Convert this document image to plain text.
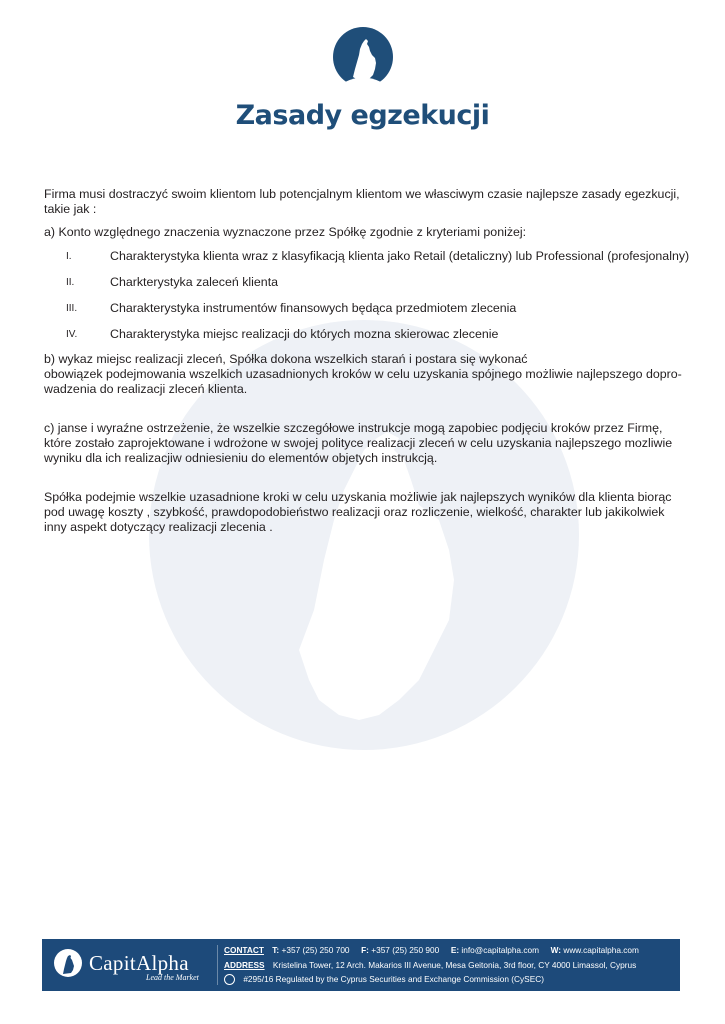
Zasady egzekucji

Firma musi dostraczyć swoim klientom lub potencjalnym klientom we własciwym czasie najlepsze zasady egezkucji, takie jak :

a) Konto względnego znaczenia wyznaczone przez Spółkę zgodnie z kryteriami poniżej:

I.	Charakterystyka klienta wraz z klasyfikacją klienta jako Retail (detaliczny) lub Professional (profesjonalny)
II.	Charkterystyka zaleceń klienta
III.	Charakterystyka instrumentów finansowych będąca przedmiotem zlecenia
IV.	Charakterystyka miejsc realizacji do których mozna skierowac zlecenie
b) wykaz miejsc realizacji zleceń, Spółka dokona wszelkich starań i postara się wykonać
obowiązek podejmowania wszelkich uzasadnionych kroków w celu uzyskania spójnego możliwie najlepszego dopro-
wadzenia do realizacji zleceń klienta.
c) janse i wyraźne ostrzeżenie, że wszelkie szczegółowe instrukcje mogą zapobiec podjęciu kroków przez Firmę,
które zostało zaprojektowane i wdrożone w swojej polityce realizacji zleceń w celu uzyskania najlepszego mozliwie
wyniku dla ich realizacjiw odniesieniu do elementów objetych instrukcją.
Spółka podejmie wszelkie uzasadnione kroki w celu uzyskania możliwie jak najlepszych wyników dla klienta biorąc
pod uwagę koszty , szybkość, prawdopodobieństwo realizacji oraz rozliczenie, wielkość, charakter lub jakikolwiek
inny aspekt dotyczący realizacji zlecenia .
CapitAlpha
Lead the Market
CONTACT T: +357 (25) 250 700 F: +357 (25) 250 900 E: info@capitalpha.com W: www.capitalpha.com
ADDRESS Kristelina Tower, 12 Arch. Makarios III Avenue, Mesa Geitonia, 3rd floor, CY 4000 Limassol, Cyprus
#295/16 Regulated by the Cyprus Securities and Exchange Commission (CySEC)
